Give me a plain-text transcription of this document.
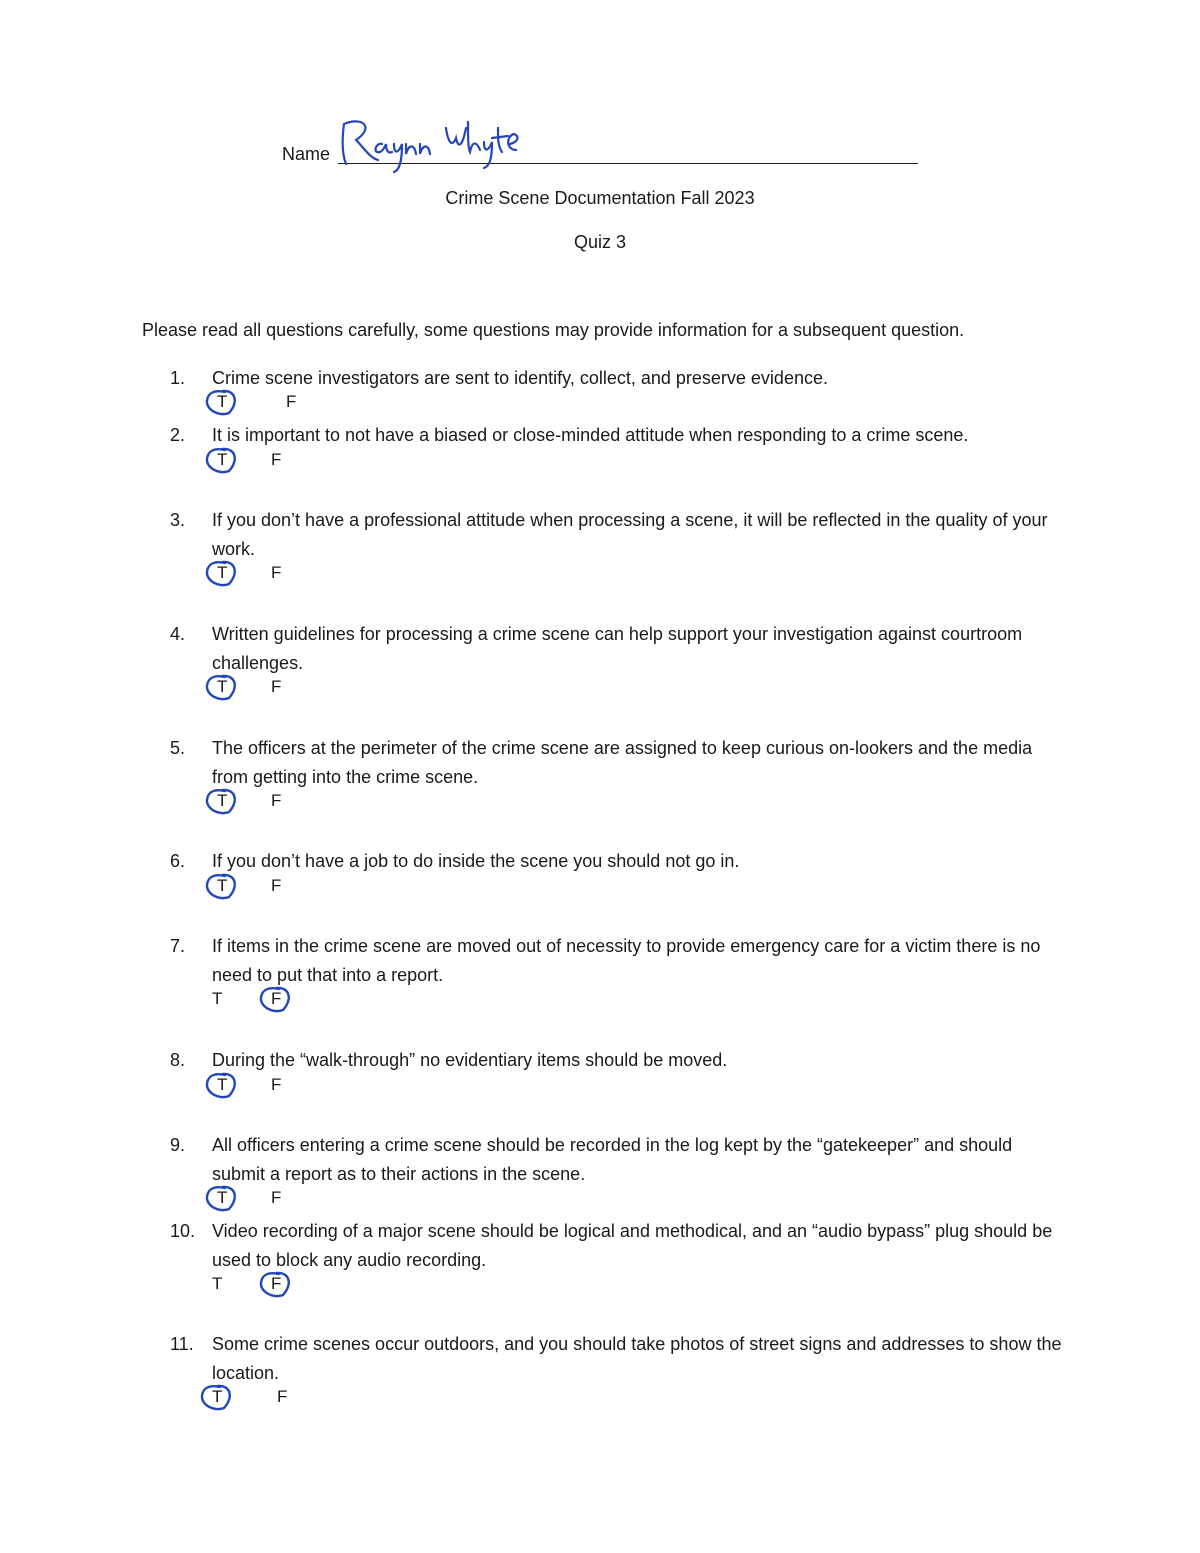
Name
Crime Scene Documentation Fall 2023
Quiz 3
Please read all questions carefully, some questions may provide information for a subsequent question.
1.	Crime scene investigators are sent to identify, collect, and preserve evidence.
2.	It is important to not have a biased or close-minded attitude when responding to a crime scene.
3.	If you don’t have a professional attitude when processing a scene, it will be reflected in the quality of your work.
4.	Written guidelines for processing a crime scene can help support your investigation against courtroom challenges.
5.	The officers at the perimeter of the crime scene are assigned to keep curious on-lookers and the media from getting into the crime scene.
6.	If you don’t have a job to do inside the scene you should not go in.
7.	If items in the crime scene are moved out of necessity to provide emergency care for a victim there is no need to put that into a report.
8.	During the “walk-through” no evidentiary items should be moved.
9.	All officers entering a crime scene should be recorded in the log kept by the “gatekeeper” and should submit a report as to their actions in the scene.
10. Video recording of a major scene should be logical and methodical, and an “audio bypass” plug should be used to block any audio recording.
11.	Some crime scenes occur outdoors, and you should take photos of street signs and addresses to show the location.
T	F
T	F
T	F
T	F
T	F
T	F
T	F
T	F
T	F
T	F
T	F
